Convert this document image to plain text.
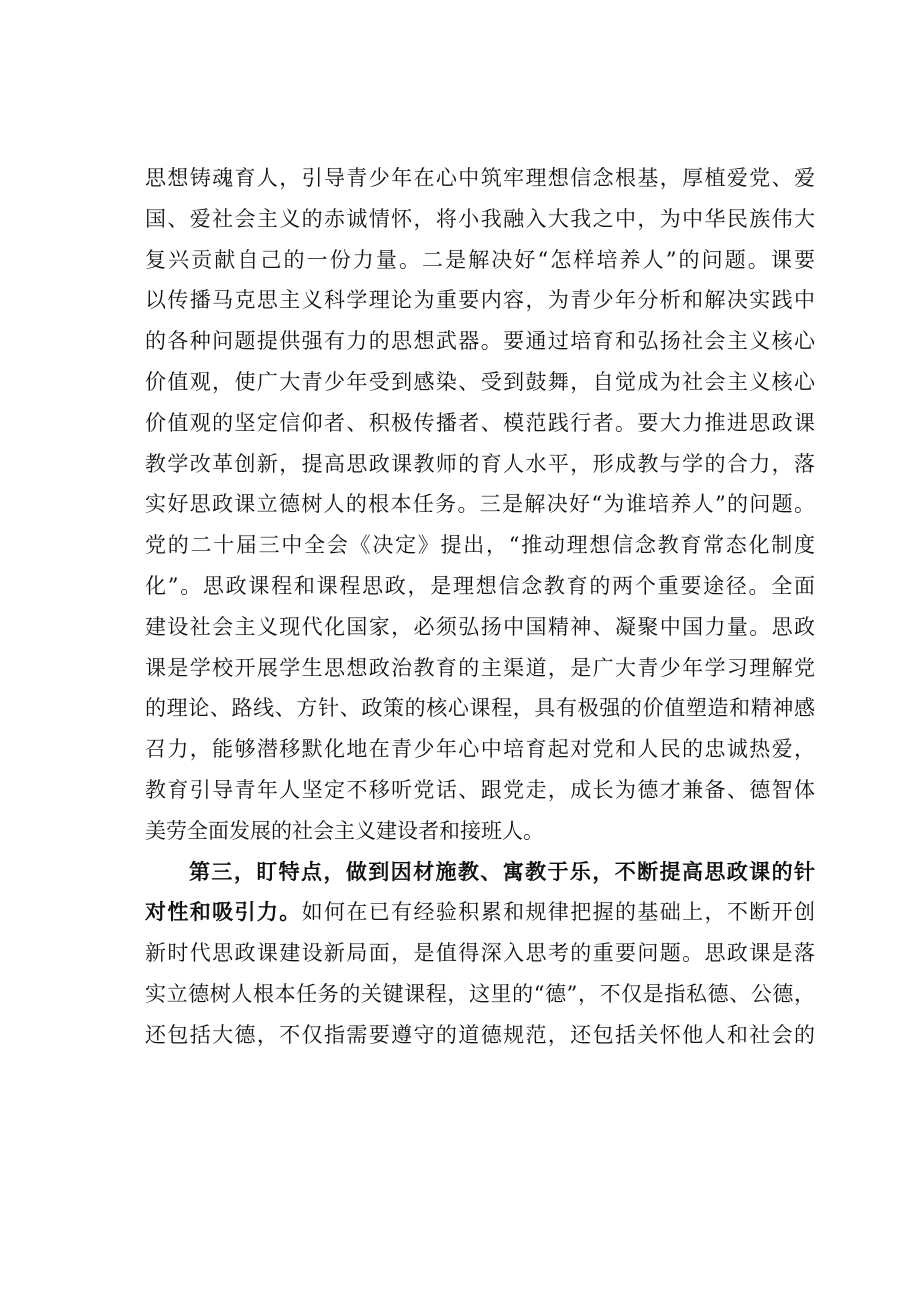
思想铸魂育人，引导青少年在心中筑牢理想信念根基，厚植爱党、爱
国、爱社会主义的赤诚情怀，将小我融入大我之中，为中华民族伟大
复兴贡献自己的一份力量。二是解决好“怎样培养人”的问题。课要
以传播马克思主义科学理论为重要内容，为青少年分析和解决实践中
的各种问题提供强有力的思想武器。要通过培育和弘扬社会主义核心
价值观，使广大青少年受到感染、受到鼓舞，自觉成为社会主义核心
价值观的坚定信仰者、积极传播者、模范践行者。要大力推进思政课
教学改革创新，提高思政课教师的育人水平，形成教与学的合力，落
实好思政课立德树人的根本任务。三是解决好“为谁培养人”的问题。
党的二十届三中全会《决定》提出，“推动理想信念教育常态化制度
化”。思政课程和课程思政，是理想信念教育的两个重要途径。全面
建设社会主义现代化国家，必须弘扬中国精神、凝聚中国力量。思政
课是学校开展学生思想政治教育的主渠道，是广大青少年学习理解党
的理论、路线、方针、政策的核心课程，具有极强的价值塑造和精神感
召力，能够潜移默化地在青少年心中培育起对党和人民的忠诚热爱，
教育引导青年人坚定不移听党话、跟党走，成长为德才兼备、德智体
美劳全面发展的社会主义建设者和接班人。
第三，盯特点，做到因材施教、寓教于乐，不断提高思政课的针
对性和吸引力。如何在已有经验积累和规律把握的基础上，不断开创
新时代思政课建设新局面，是值得深入思考的重要问题。思政课是落
实立德树人根本任务的关键课程，这里的“德”，不仅是指私德、公德，
还包括大德，不仅指需要遵守的道德规范，还包括关怀他人和社会的
